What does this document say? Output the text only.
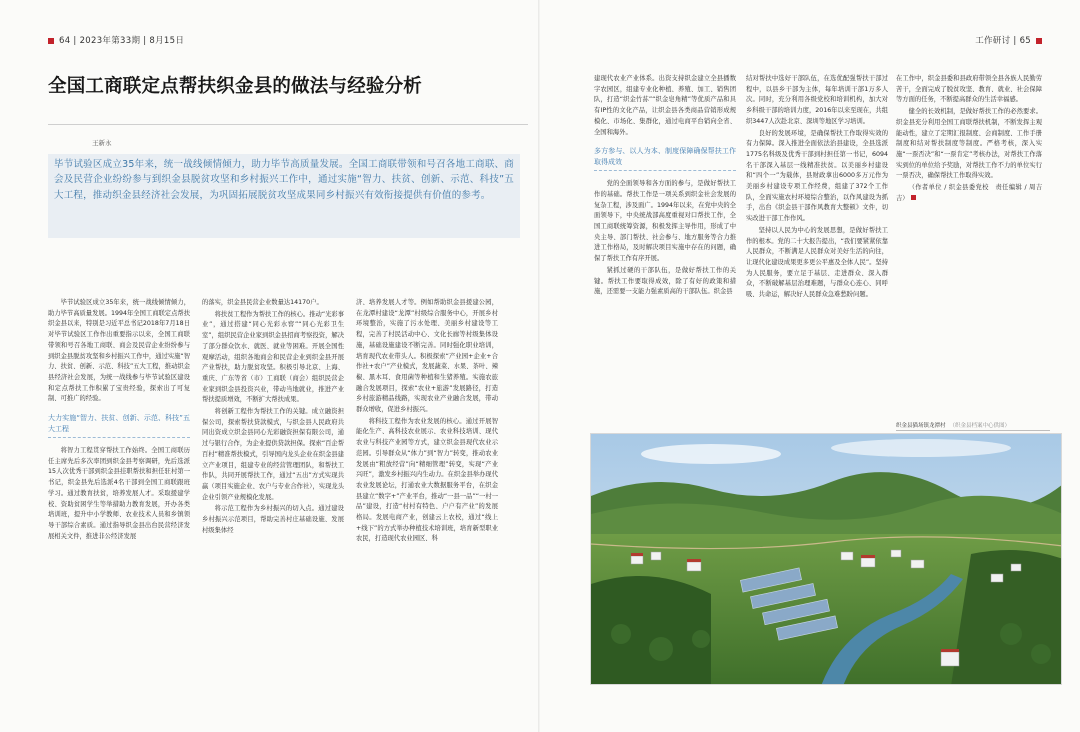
64 | 2023年第33期 | 8月15日
全国工商联定点帮扶织金县的做法与经验分析
王新永

毕节试验区成立35年来，统一战线倾情倾力，助力毕节高质量发展。全国工商联带领和号召各地工商联、商会及民营企业纷纷参与到织金县脱贫攻坚和乡村振兴工作中，通过实施“智力、扶贫、创新、示范、科技”五大工程，推动织金县经济社会发展，为巩固拓展脱贫攻坚成果同乡村振兴有效衔接提供有价值的参考。

毕节试验区成立35年来，统一战线倾情倾力，助力毕节高质量发展。1994年全国工商联定点帮扶织金县以来，特别是习近平总书记2018年7月18日对毕节试验区工作作出重要指示以来，全国工商联带领和号召各地工商联、商会及民营企业纷纷参与到织金县脱贫攻坚和乡村振兴工作中，通过实施“智力、扶贫、创新、示范、科技”五大工程，推动织金县经济社会发展，为统一战线参与毕节试验区建设和定点帮扶工作积累了宝贵经验，探索出了可复制、可推广的经验。

大力实施“智力、扶贫、创新、示范、科技”五大工程

将智力工程贯穿帮扶工作始终。全国工商联历任主席先后多次率团到织金县考察调研，先后选派15人次优秀干部到织金县挂职帮扶和担任驻村第一书记，织金县先后选派4名干部到全国工商联跟班学习。通过教育扶贫，培养发展人才。采取援建学校、资助贫困学生等举措助力教育发展，开办各类培训班，提升中小学教师、农业技术人员和乡镇领导干部综合素质。通过指导织金县出台民营经济发展相关文件，推进非公经济发展

的落实，织金县民营企业数量达14170户。

将扶贫工程作为帮扶工作的核心。推动“光彩事业”，通过搭建“同心光彩水窖”“同心光彩卫生室”，组织民营企业家到织金县招商考察投资，解决了部分群众饮水、就医、就业等困难。开展全国性观摩活动，组织各地商会和民营企业到织金县开展产业帮扶，助力脱贫攻坚。积极引导北京、上海、重庆、广东等省（市）工商联（商会）组织民营企业家到织金县投资兴业，带动当地就业，推进产业帮扶提质增效，不断扩大帮扶成果。

将创新工程作为帮扶工作的关键。成立融资担保公司，探索帮扶贷款模式，与织金县人民政府共同出资成立织金县同心光彩融资担保有限公司，通过与银行合作，为企业提供贷款担保。探索“百企帮百村”精准帮扶模式，引导国内龙头企业在织金县建立产业项目，组建专业的经营管理团队，和帮扶工作队，共同开展帮扶工作，通过“五出”方式实现共赢（项目实施企业、农户与专业合作社），实现龙头企业引领产业规模化发展。

将示范工程作为乡村振兴的切入点。通过建设乡村振兴示范项目，帮助完善村庄基础设施、发展村级集体经

济、培养发展人才等。例如帮助织金县援建公园，在龙潭村建设“龙潭”村级综合服务中心，开展乡村环境整治，实施了污水处理、美丽乡村建设等工程，完善了村民活动中心、文化长廊等村级集体设施，基础设施建设不断完善。同时强化职业培训，培育现代农业带头人。积极探索“产业园+企业+合作社+农户”产业模式，发展蔬菜、水果、茶叶、辣椒、黑木耳、食用菌等种植和生猪养殖。实施农旅融合发展项目，探索“农业+旅游”发展路径，打造乡村旅游精品线路，实现农业产业融合发展，带动群众增收，促进乡村振兴。

将科技工程作为农业发展的核心。通过开展智能化生产、高科技农业展示、农业科技培训、现代农业与科技产业园等方式，建立织金县现代农业示范园。引导群众从“体力”到“智力”转变，推动农业发展由“粗放经营”向“精细管理”转变，实现“产业兴旺”，激发乡村振兴内生动力。在织金县举办现代农业发展论坛，打通农业大数据服务平台，在织金县建立“数字+”产业平台，推动“一县一品”“一村一品”建设，打造“村村有特色、户户有产业”的发展格局。发展电商产业，创建云上农校，通过“线上+线下”的方式举办种植技术培训班，培育新型职业农民，打造现代农业园区、科

工作研讨 | 65

建现代农业产业体系。出资支持织金建立全县播数字农园区，组建专业化种植、养殖、加工、销售团队，打造“织金竹荪”“织金皂角精”等优质产品和具有IP性的文化产品，让织金县各类商品营销形成规模化、市场化、集群化，通过电商平台销向全省、全国和海外。

多方参与、以人为本、制度保障确保帮扶工作取得成效

党的全面领导和各方面的参与，是做好帮扶工作的基础。帮扶工作是一项关系到织金社会发展的复杂工程，涉及面广。1994年以来，在党中央的全面领导下，中央统战部高度重视对口帮扶工作，全国工商联统筹资源，积极发挥主导作用，形成了中央主导、部门帮扶、社会参与、地方服务等合力推进工作格局，及时解决项目实施中存在的问题，确保了帮扶工作有序开展。

紧抓过硬的干部队伍，是做好帮扶工作的关键。帮扶工作要取得成效，除了有好的政策和措施，还需要一支能力强素质高的干部队伍。织金县

结对帮扶中选好干部队伍，在选优配强帮扶干部过程中，以县乡干部为主体，每年培训干部1万多人次。同时，充分利用各级党校和培训机构，加大对乡科级干部的培训力度，2016年以来至现在，共组织3447人次赴北京、深圳等地区学习培训。

良好的发展环境，是确保帮扶工作取得实效的有力保障。深入推进全面依法治县建设，全县选派1775名科级及优秀干部到村担任第一书记，6094名干部深入基层一线精准扶贫。以美丽乡村建设和“四个一”为载体，县财政拿出6000多万元作为美丽乡村建设专项工作经费，组建了372个工作队，全面实施农村环境综合整治，以作风建设为抓手，出台《织金县干部作风教育大整顿》文件，切实改进干部工作作风。

坚持以人民为中心的发展思想，是做好帮扶工作的根本。党的二十大报告提出，“我们要紧紧依靠人民群众，不断满足人民群众对美好生活的向往，让现代化建设成果更多更公平惠及全体人民”。坚持为人民服务，要立足于基层、走进群众、深入群众，不断破解基层治理难题，与群众心连心、同呼吸、共命运，解决好人民群众急难愁盼问题。

在工作中，织金县委和县政府带领全县各族人民勤劳苦干，全面完成了脱贫攻坚、教育、就业、社会保障等方面的任务，不断提高群众的生活幸福感。

健全的长效机制，是做好帮扶工作的必然要求。织金县充分利用全国工商联帮扶机制，不断发挥主观能动性，建立了定期汇报制度、会商制度、工作手册制度和结对帮扶制度等制度。严格考核，深入实施“一票否决”和“一票肯定”考核办法，对帮扶工作落实到位的单位给予奖励，对帮扶工作不力的单位实行一票否决，确保帮扶工作取得实效。

（作者单位 / 织金县委党校　责任编辑 / 周吉吉）

织金县猫场镇龙潭村 （织金县档案中心供图）
